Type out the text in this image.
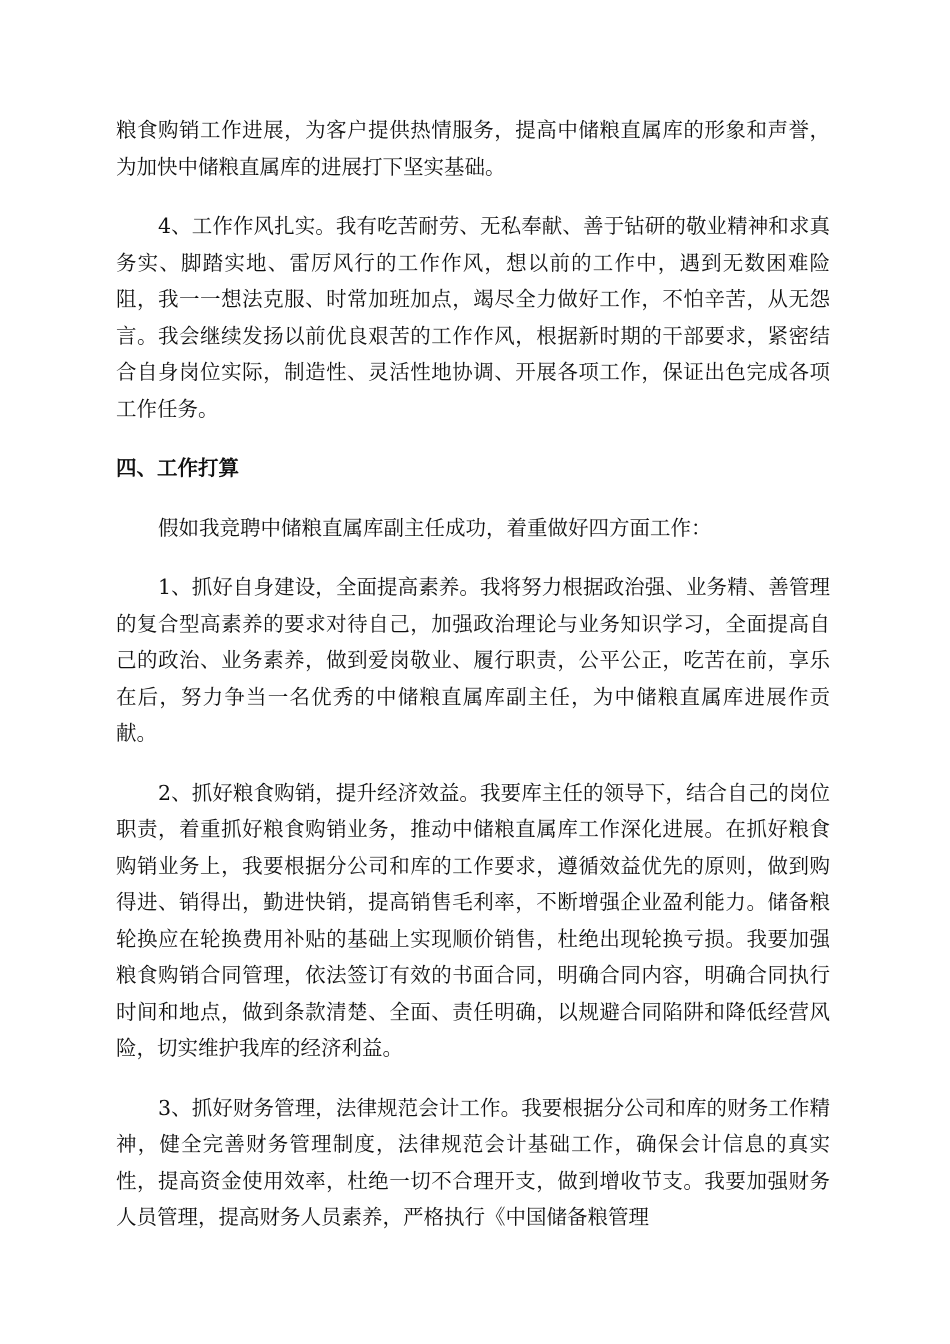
粮食购销工作进展，为客户提供热情服务，提高中储粮直属库的形象和声誉，为加快中储粮直属库的进展打下坚实基础。

4、工作作风扎实。我有吃苦耐劳、无私奉献、善于钻研的敬业精神和求真务实、脚踏实地、雷厉风行的工作作风，想以前的工作中，遇到无数困难险阻，我一一想法克服、时常加班加点，竭尽全力做好工作，不怕辛苦，从无怨言。我会继续发扬以前优良艰苦的工作作风，根据新时期的干部要求，紧密结合自身岗位实际，制造性、灵活性地协调、开展各项工作，保证出色完成各项工作任务。

四、工作打算

假如我竞聘中储粮直属库副主任成功，着重做好四方面工作：

1、抓好自身建设，全面提高素养。我将努力根据政治强、业务精、善管理的复合型高素养的要求对待自己，加强政治理论与业务知识学习，全面提高自己的政治、业务素养，做到爱岗敬业、履行职责，公平公正，吃苦在前，享乐在后，努力争当一名优秀的中储粮直属库副主任，为中储粮直属库进展作贡献。

2、抓好粮食购销，提升经济效益。我要库主任的领导下，结合自己的岗位职责，着重抓好粮食购销业务，推动中储粮直属库工作深化进展。在抓好粮食购销业务上，我要根据分公司和库的工作要求，遵循效益优先的原则，做到购得进、销得出，勤进快销，提高销售毛利率，不断增强企业盈利能力。储备粮轮换应在轮换费用补贴的基础上实现顺价销售，杜绝出现轮换亏损。我要加强粮食购销合同管理，依法签订有效的书面合同，明确合同内容，明确合同执行时间和地点，做到条款清楚、全面、责任明确，以规避合同陷阱和降低经营风险，切实维护我库的经济利益。

3、抓好财务管理，法律规范会计工作。我要根据分公司和库的财务工作精神，健全完善财务管理制度，法律规范会计基础工作，确保会计信息的真实性，提高资金使用效率，杜绝一切不合理开支，做到增收节支。我要加强财务人员管理，提高财务人员素养，严格执行《中国储备粮管理
